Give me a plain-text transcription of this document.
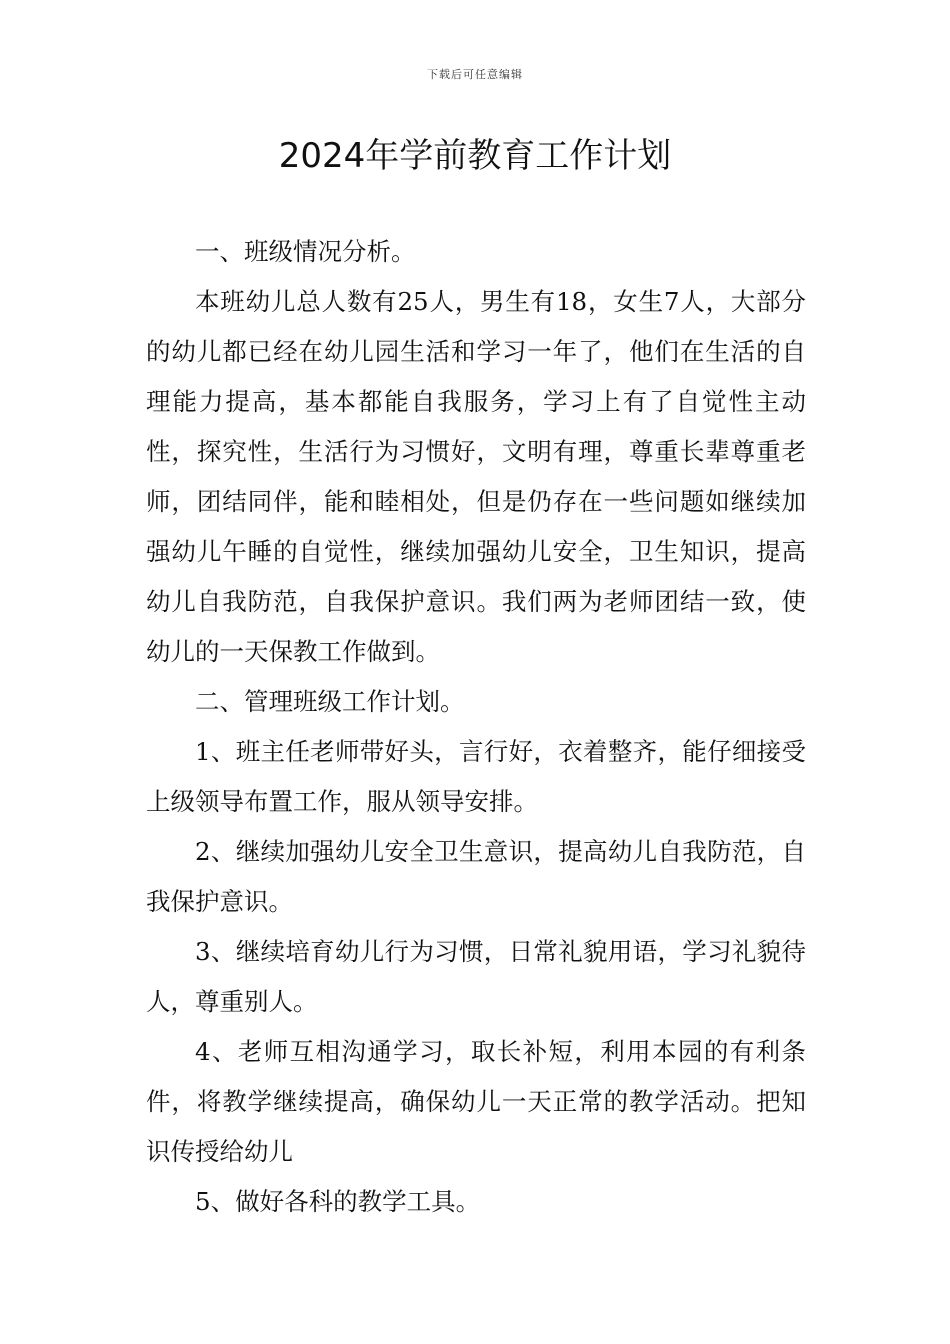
下载后可任意编辑
2024年学前教育工作计划

一、班级情况分析。

本班幼儿总人数有25人，男生有18，女生7人，大部分的幼儿都已经在幼儿园生活和学习一年了，他们在生活的自理能力提高，基本都能自我服务，学习上有了自觉性主动性，探究性，生活行为习惯好，文明有理，尊重长辈尊重老师，团结同伴，能和睦相处，但是仍存在一些问题如继续加强幼儿午睡的自觉性，继续加强幼儿安全，卫生知识，提高幼儿自我防范，自我保护意识。我们两为老师团结一致，使幼儿的一天保教工作做到。

二、管理班级工作计划。

1、班主任老师带好头，言行好，衣着整齐，能仔细接受上级领导布置工作，服从领导安排。

2、继续加强幼儿安全卫生意识，提高幼儿自我防范，自我保护意识。

3、继续培育幼儿行为习惯，日常礼貌用语，学习礼貌待人，尊重别人。

4、老师互相沟通学习，取长补短，利用本园的有利条件，将教学继续提高，确保幼儿一天正常的教学活动。把知识传授给幼儿

5、做好各科的教学工具。
